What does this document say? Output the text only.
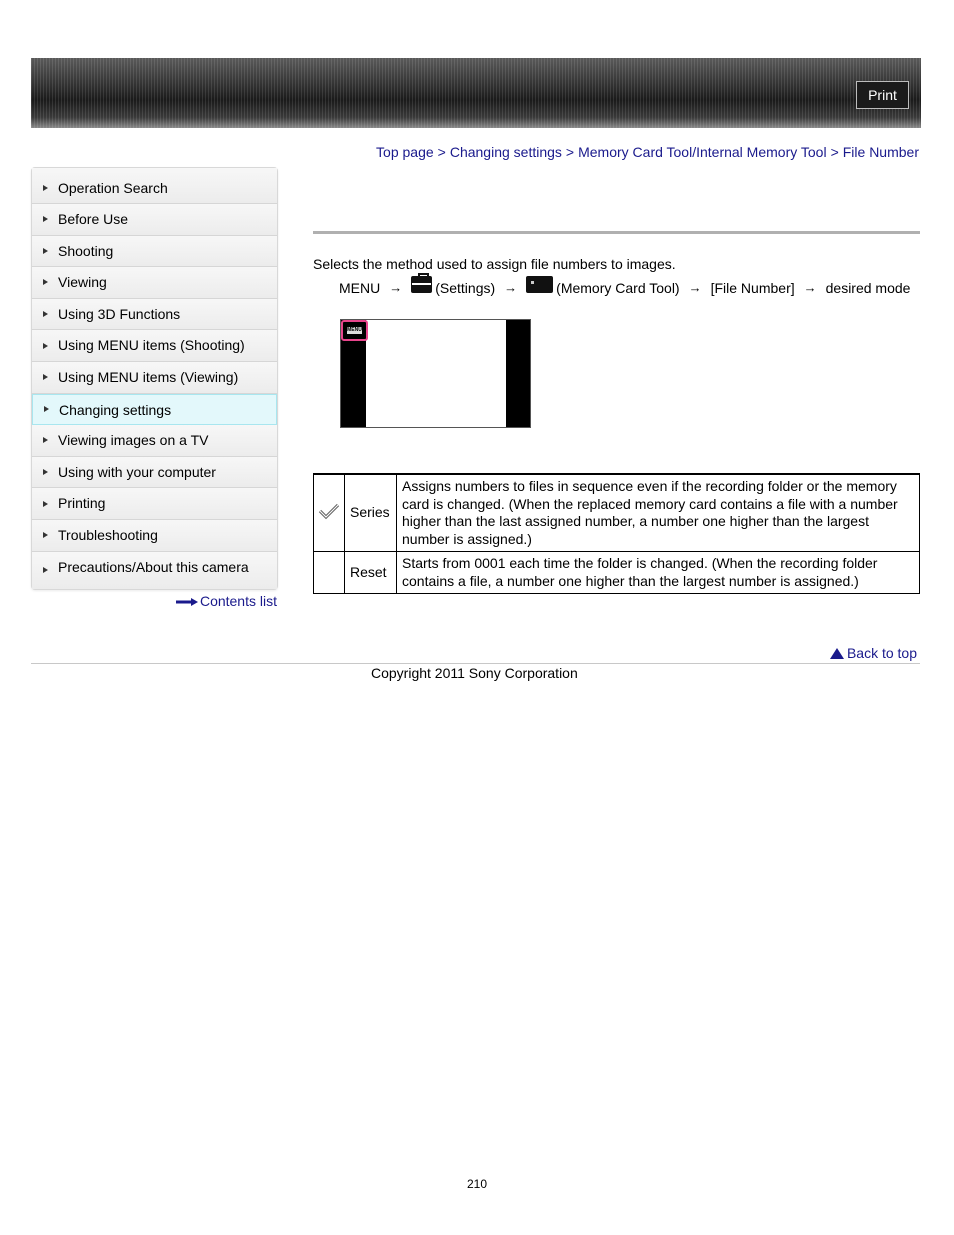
Print
Top page > Changing settings > Memory Card Tool/Internal Memory Tool > File Number
Operation Search
Before Use
Shooting
Viewing
Using 3D Functions
Using MENU items (Shooting)
Using MENU items (Viewing)
Changing settings
Viewing images on a TV
Using with your computer
Printing
Troubleshooting
Precautions/About this camera
Contents list
Selects the method used to assign file numbers to images.
MENU → (Settings) →	(Memory Card Tool) → [File Number] → desired mode
MENU
	Series	Assigns numbers to files in sequence even if the recording folder or the memory card is changed. (When the replaced memory card contains a file with a number higher than the last assigned number, a number one higher than the largest number is assigned.)
	Reset	Starts from 0001 each time the folder is changed. (When the recording folder contains a file, a number one higher than the largest number is assigned.)
Back to top
Copyright 2011 Sony Corporation
210
